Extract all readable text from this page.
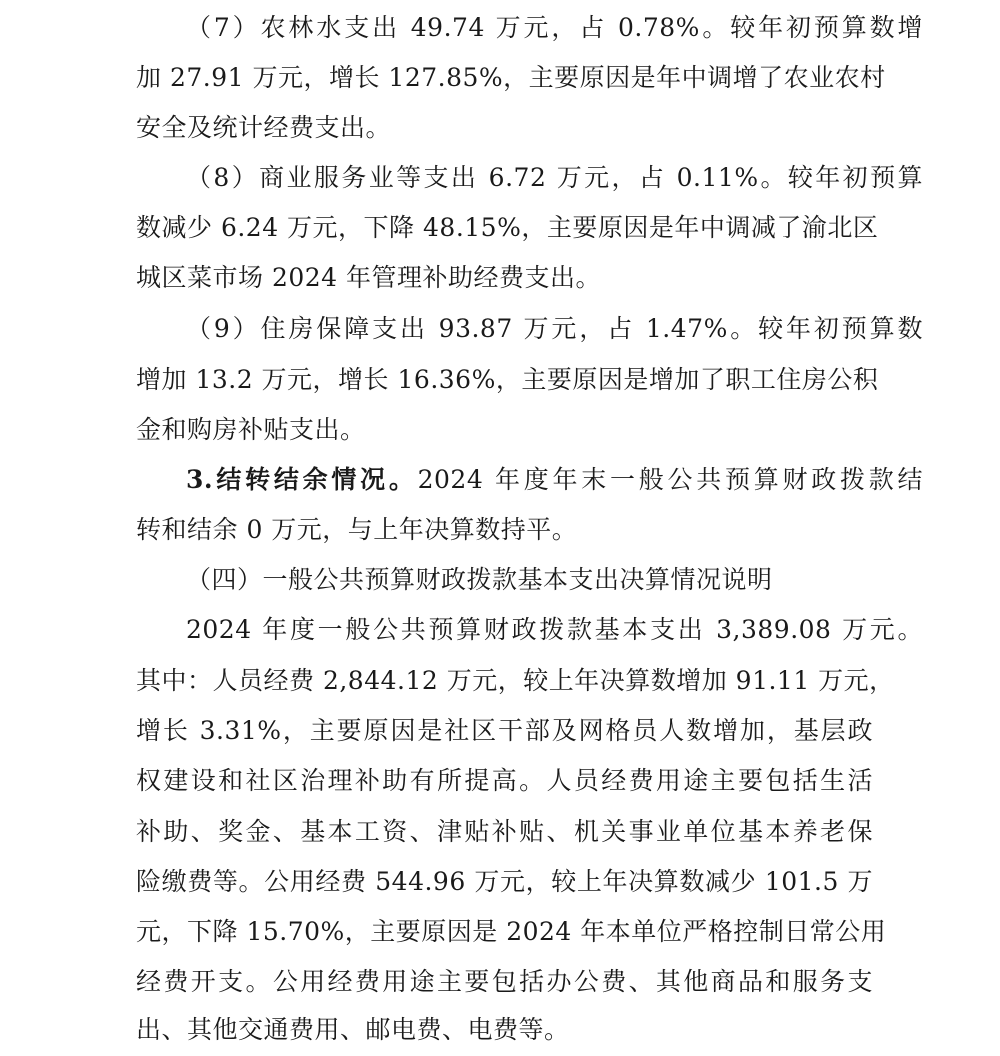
（7）农林水支出 49.74 万元，占 0.78%。较年初预算数增
加 27.91 万元，增长 127.85%，主要原因是年中调增了农业农村
安全及统计经费支出。
（8）商业服务业等支出 6.72 万元，占 0.11%。较年初预算
数减少 6.24 万元，下降 48.15%，主要原因是年中调减了渝北区
城区菜市场 2024 年管理补助经费支出。
（9）住房保障支出 93.87 万元，占 1.47%。较年初预算数
增加 13.2 万元，增长 16.36%，主要原因是增加了职工住房公积
金和购房补贴支出。
3.结转结余情况。2024 年度年末一般公共预算财政拨款结
转和结余 0 万元，与上年决算数持平。
（四）一般公共预算财政拨款基本支出决算情况说明
2024 年度一般公共预算财政拨款基本支出 3,389.08 万元。
其中：人员经费 2,844.12 万元，较上年决算数增加 91.11 万元，
增长 3.31%，主要原因是社区干部及网格员人数增加，基层政
权建设和社区治理补助有所提高。人员经费用途主要包括生活
补助、奖金、基本工资、津贴补贴、机关事业单位基本养老保
险缴费等。公用经费 544.96 万元，较上年决算数减少 101.5 万
元，下降 15.70%，主要原因是 2024 年本单位严格控制日常公用
经费开支。公用经费用途主要包括办公费、其他商品和服务支
出、其他交通费用、邮电费、电费等。
